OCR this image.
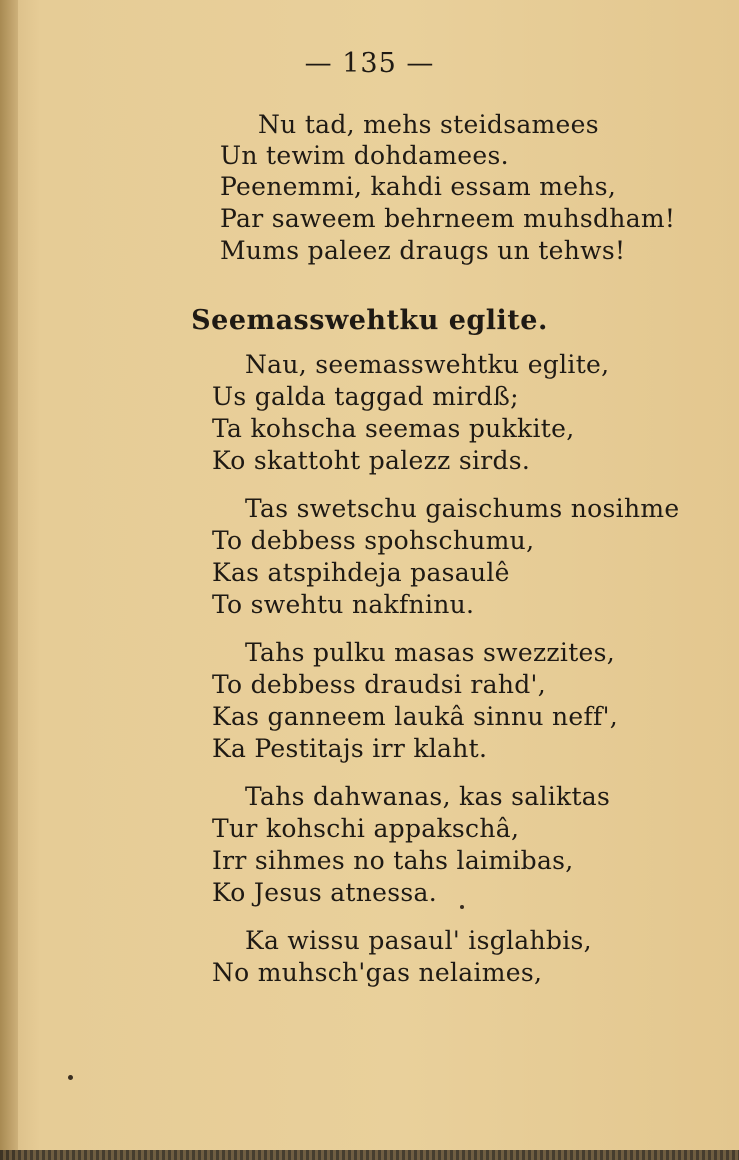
— 135 —
Nu tad, mehs steidsamees
Un tewim dohdamees.
Peenemmi, kahdi essam mehs,
Par saweem behrneem muhsdham!
Mums paleez draugs un tehws!
Seemasswehtku eglite.
Nau, seemasswehtku eglite,
Us galda taggad mirdß;
Ta kohscha seemas pukkite,
Ko skattoht palezz sirds.
Tas swetschu gaischums nosihme
To debbess spohschumu,
Kas atspihdeja pasaulê
To swehtu nakfninu.
Tahs pulku masas swezzites,
To debbess draudsi rahd',
Kas ganneem laukâ sinnu neff',
Ka Pestitajs irr klaht.
Tahs dahwanas, kas saliktas
Tur kohschi appakschâ,
Irr sihmes no tahs laimibas,
Ko Jesus atnessa.
Ka wissu pasaul' isglahbis,
No muhsch'gas nelaimes,
